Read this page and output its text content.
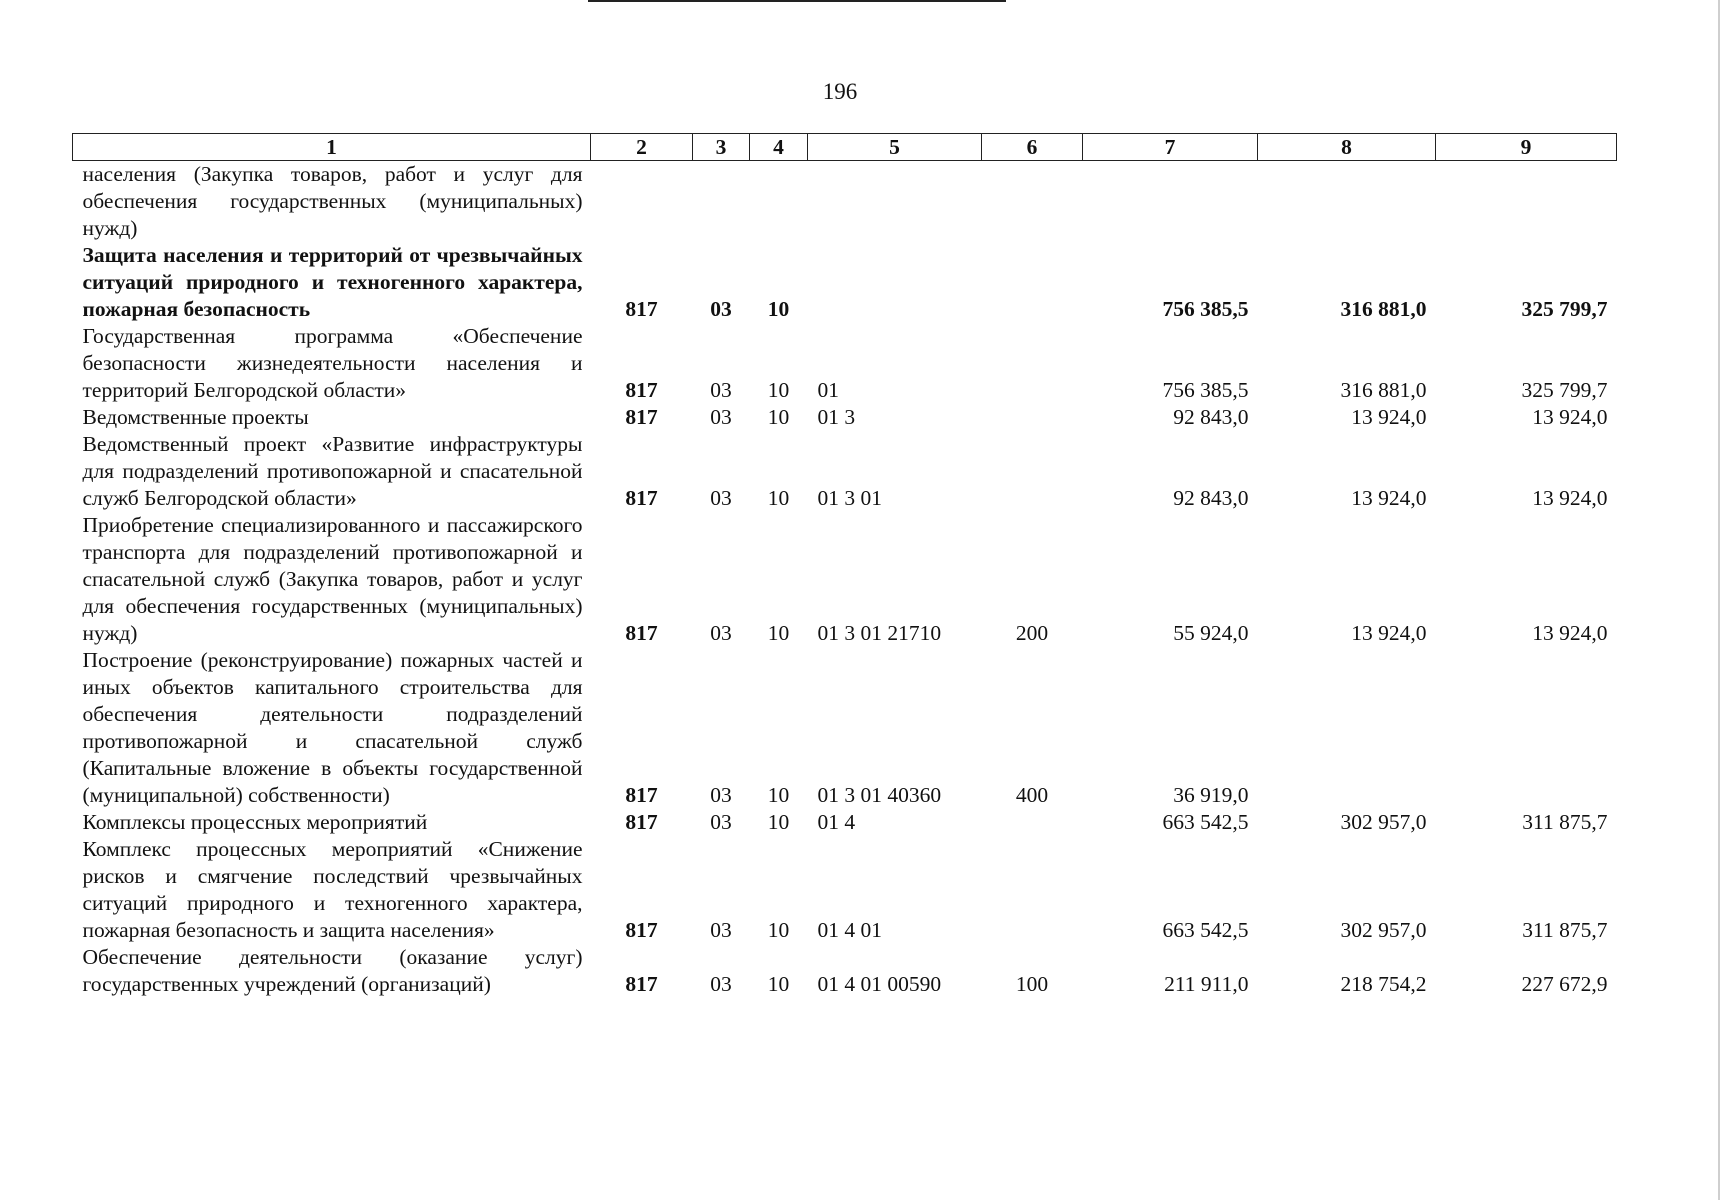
196
1	2	3	4	5	6	7	8	9
населения (Закупка товаров, работ и услуг для обеспечения государственных (муниципальных) нужд)								
Защита населения и территорий от чрезвычайных ситуаций природного и техногенного характера, пожарная безопасность	817	03	10			756 385,5	316 881,0	325 799,7
Государственная программа «Обеспечение безопасности жизнедеятельности населения и территорий Белгородской области»	817	03	10	01		756 385,5	316 881,0	325 799,7
Ведомственные проекты	817	03	10	01 3		92 843,0	13 924,0	13 924,0
Ведомственный проект «Развитие инфраструктуры для подразделений противопожарной и спасательной служб Белгородской области»	817	03	10	01 3 01		92 843,0	13 924,0	13 924,0
Приобретение специализированного и пассажирского транспорта для подразделений противопожарной и спасательной служб (Закупка товаров, работ и услуг для обеспечения государственных (муниципальных) нужд)	817	03	10	01 3 01 21710	200	55 924,0	13 924,0	13 924,0
Построение (реконструирование) пожарных частей и иных объектов капитального строительства для обеспечения деятельности подразделений противопожарной и спасательной служб (Капитальные вложение в объекты государственной (муниципальной) собственности)	817	03	10	01 3 01 40360	400	36 919,0		
Комплексы процессных мероприятий	817	03	10	01 4		663 542,5	302 957,0	311 875,7
Комплекс процессных мероприятий «Снижение рисков и смягчение последствий чрезвычайных ситуаций природного и техногенного характера, пожарная безопасность и защита населения»	817	03	10	01 4 01		663 542,5	302 957,0	311 875,7
Обеспечение деятельности (оказание услуг) государственных учреждений (организаций)	817	03	10	01 4 01 00590	100	211 911,0	218 754,2	227 672,9
